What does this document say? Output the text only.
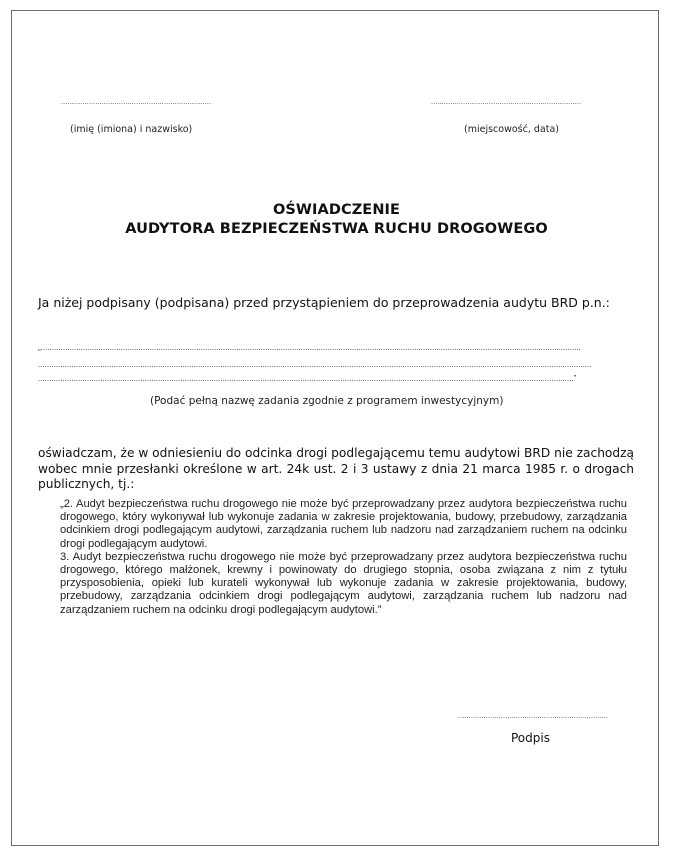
......................................................................
(imię (imiona) i nazwisko)
......................................................................
(miejscowość, data)
OŚWIADCZENIE
AUDYTORA BEZPIECZEŃSTWA RUCHU DROGOWEGO
Ja niżej podpisany (podpisana) przed przystąpieniem do przeprowadzenia audytu BRD p.n.:
„...................................................................................................................................................................................................................................................
.........................................................................................................................................................................................................................................................
.................................................................................................................................................................................................................................................”
(Podać pełną nazwę zadania zgodnie z programem inwestycyjnym)
oświadczam, że w odniesieniu do odcinka drogi podlegającemu temu audytowi BRD nie zachodzą wobec mnie przesłanki określone w art. 24k ust. 2 i 3 ustawy z dnia 21 marca 1985 r. o drogach publicznych, tj.:

„2. Audyt bezpieczeństwa ruchu drogowego nie może być przeprowadzany przez audytora bezpieczeństwa ruchu drogowego, który wykonywał lub wykonuje zadania w zakresie projektowania, budowy, przebudowy, zarządzania odcinkiem drogi podlegającym audytowi, zarządzania ruchem lub nadzoru nad zarządzaniem ruchem na odcinku drogi podlegającym audytowi.

3. Audyt bezpieczeństwa ruchu drogowego nie może być przeprowadzany przez audytora bezpieczeństwa ruchu drogowego, którego małżonek, krewny i powinowaty do drugiego stopnia, osoba związana z nim z tytułu przysposobienia, opieki lub kurateli wykonywał lub wykonuje zadania w zakresie projektowania, budowy, przebudowy, zarządzania odcinkiem drogi podlegającym audytowi, zarządzania ruchem lub nadzoru nad zarządzaniem ruchem na odcinku drogi podlegającym audytowi.”

......................................................................
Podpis
